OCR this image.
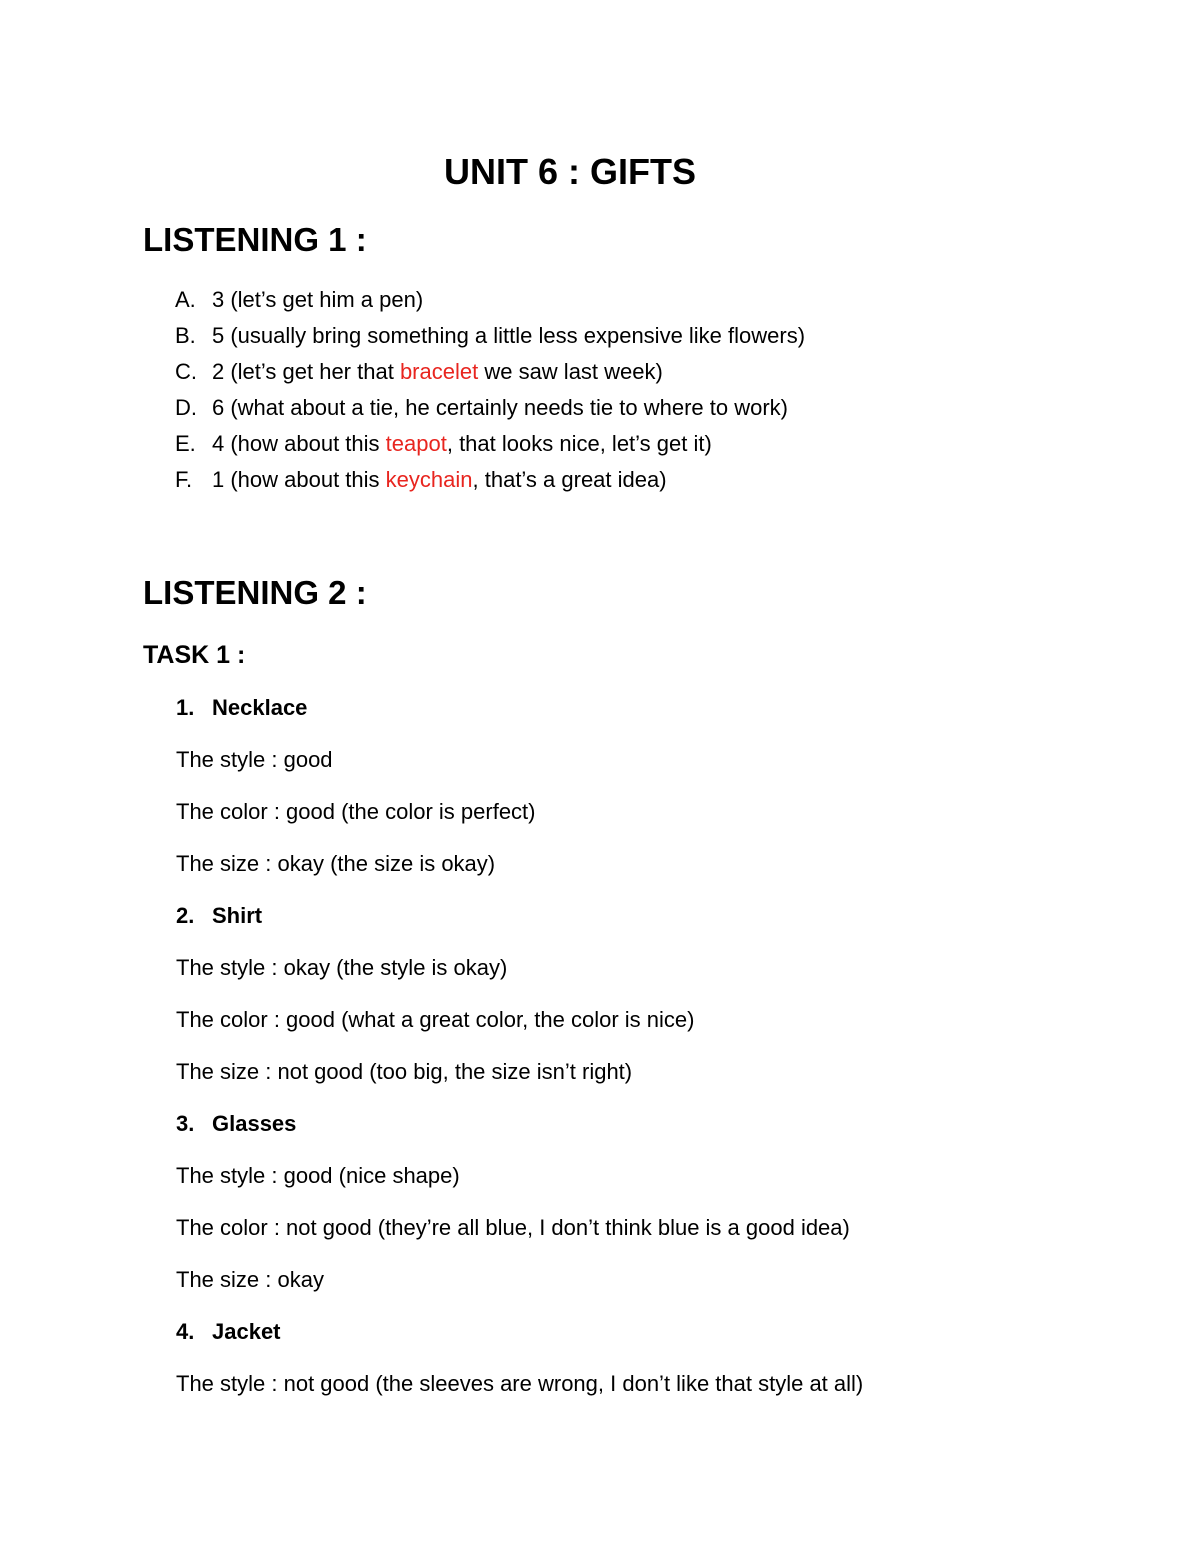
UNIT 6 : GIFTS
LISTENING 1 :
A. 3 (let’s get him a pen)
B. 5 (usually bring something a little less expensive like flowers)
C. 2 (let’s get her that bracelet we saw last week)
D. 6 (what about a tie, he certainly needs tie to where to work)
E. 4 (how about this teapot, that looks nice, let’s get it)
F. 1 (how about this keychain, that’s a great idea)
LISTENING 2 :
TASK 1 :
1. Necklace
The style : good
The color : good (the color is perfect)
The size : okay (the size is okay)
2. Shirt
The style : okay (the style is okay)
The color : good (what a great color, the color is nice)
The size : not good (too big, the size isn’t right)
3. Glasses
The style : good (nice shape)
The color : not good (they’re all blue, I don’t think blue is a good idea)
The size : okay
4. Jacket
The style : not good (the sleeves are wrong, I don’t like that style at all)
